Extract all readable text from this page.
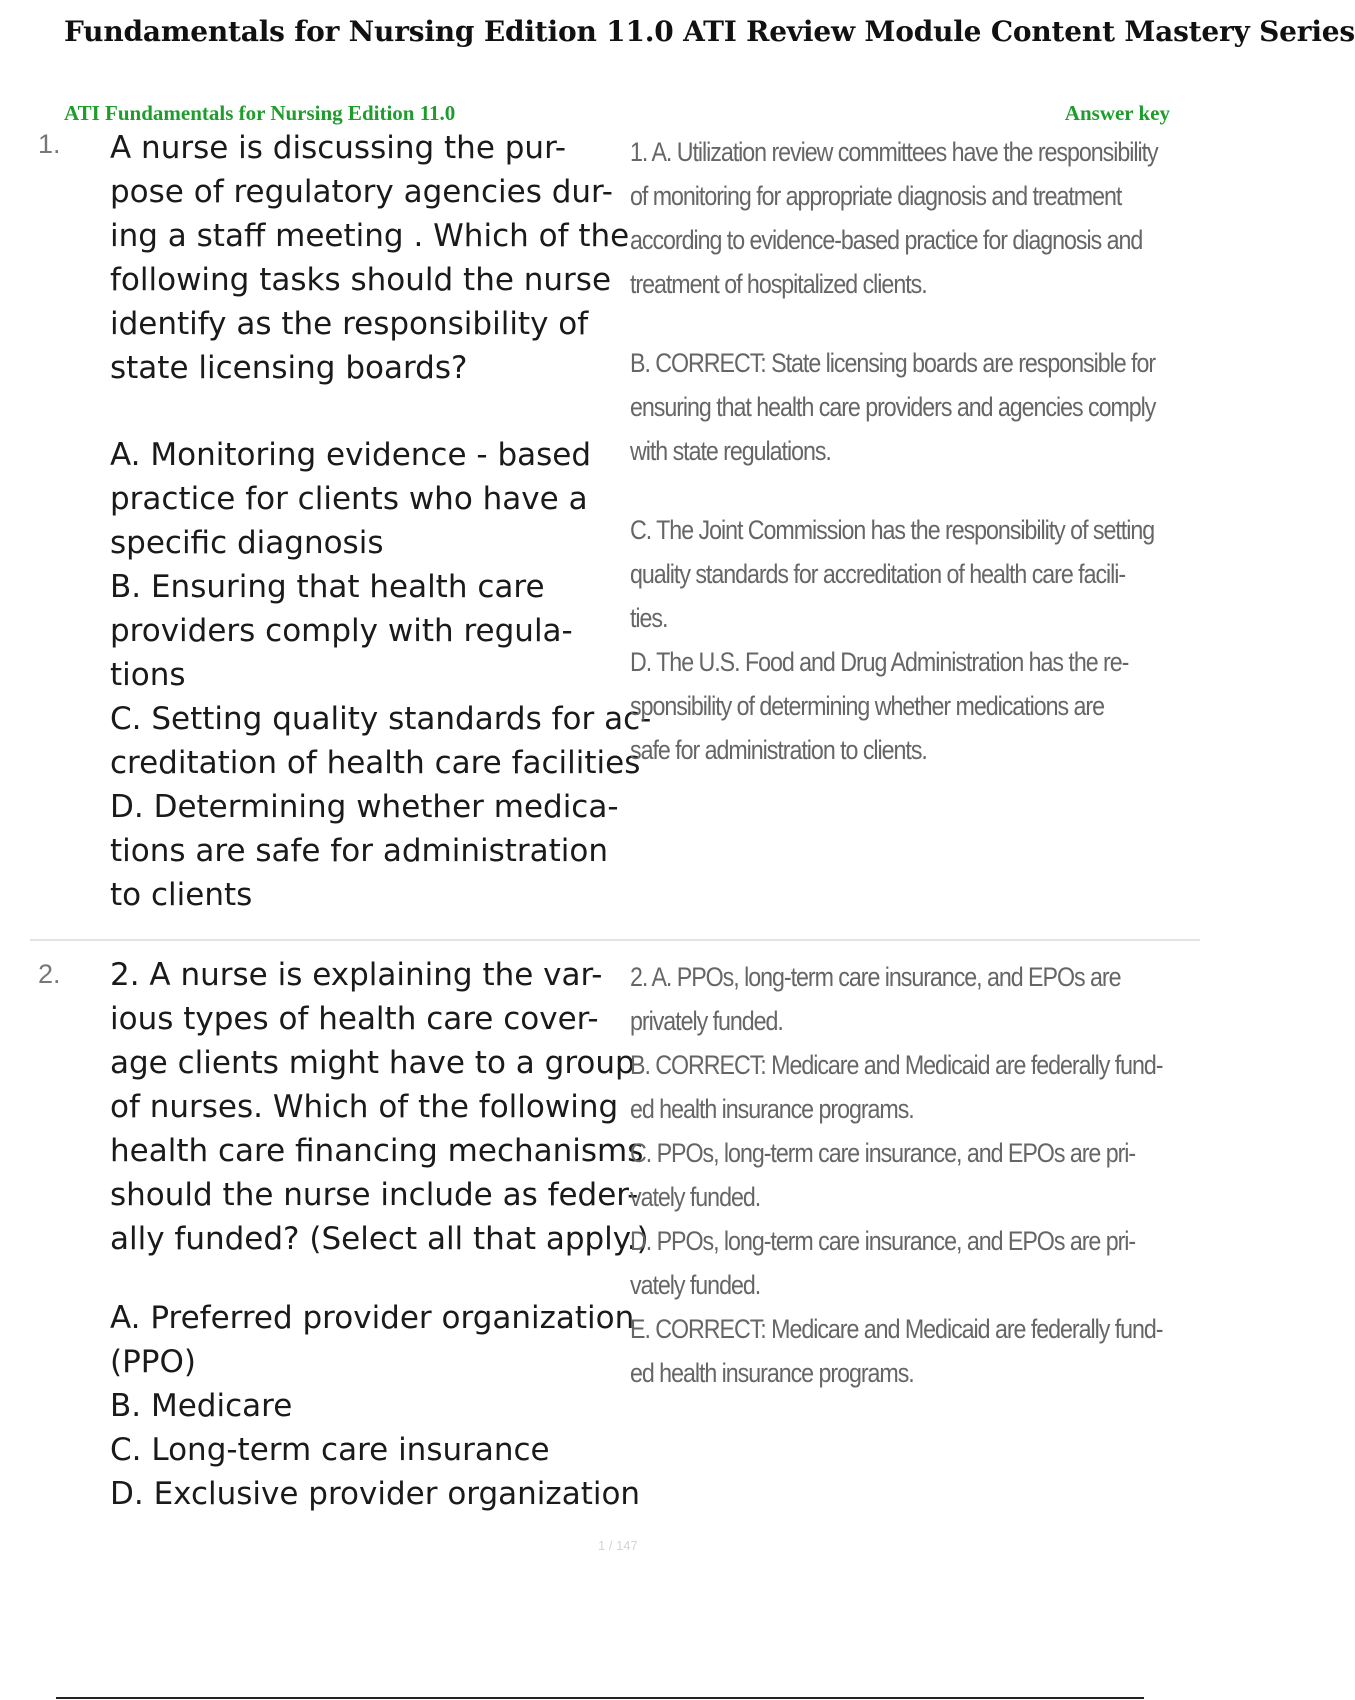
Fundamentals for Nursing Edition 11.0 ATI Review Module Content Mastery Series
ATI Fundamentals for Nursing Edition 11.0	Answer key
1. A nurse is discussing the pur-
pose of regulatory agencies dur-
ing a staff meeting . Which of the
following tasks should the nurse
identify as the responsibility of
state licensing boards?
A. Monitoring evidence - based
practice for clients who have a
specific diagnosis
B. Ensuring that health care
providers comply with regula-
tions
C. Setting quality standards for ac-
creditation of health care facilities
D. Determining whether medica-
tions are safe for administration
to clients
1. A. Utilization review committees have the responsibility
of monitoring for appropriate diagnosis and treatment
according to evidence-based practice for diagnosis and
treatment of hospitalized clients.
B. CORRECT: State licensing boards are responsible for
ensuring that health care providers and agencies comply
with state regulations.
C. The Joint Commission has the responsibility of setting
quality standards for accreditation of health care facili-
ties.
D. The U.S. Food and Drug Administration has the re-
sponsibility of determining whether medications are
safe for administration to clients.
2. 2. A nurse is explaining the var-
ious types of health care cover-
age clients might have to a group
of nurses. Which of the following
health care financing mechanisms
should the nurse include as feder-
ally funded? (Select all that apply.)
A. Preferred provider organization
(PPO)
B. Medicare
C. Long-term care insurance
D. Exclusive provider organization
2. A. PPOs, long-term care insurance, and EPOs are
privately funded.
B. CORRECT: Medicare and Medicaid are federally fund-
ed health insurance programs.
C. PPOs, long-term care insurance, and EPOs are pri-
vately funded.
D. PPOs, long-term care insurance, and EPOs are pri-
vately funded.
E. CORRECT: Medicare and Medicaid are federally fund-
ed health insurance programs.
1 / 147
